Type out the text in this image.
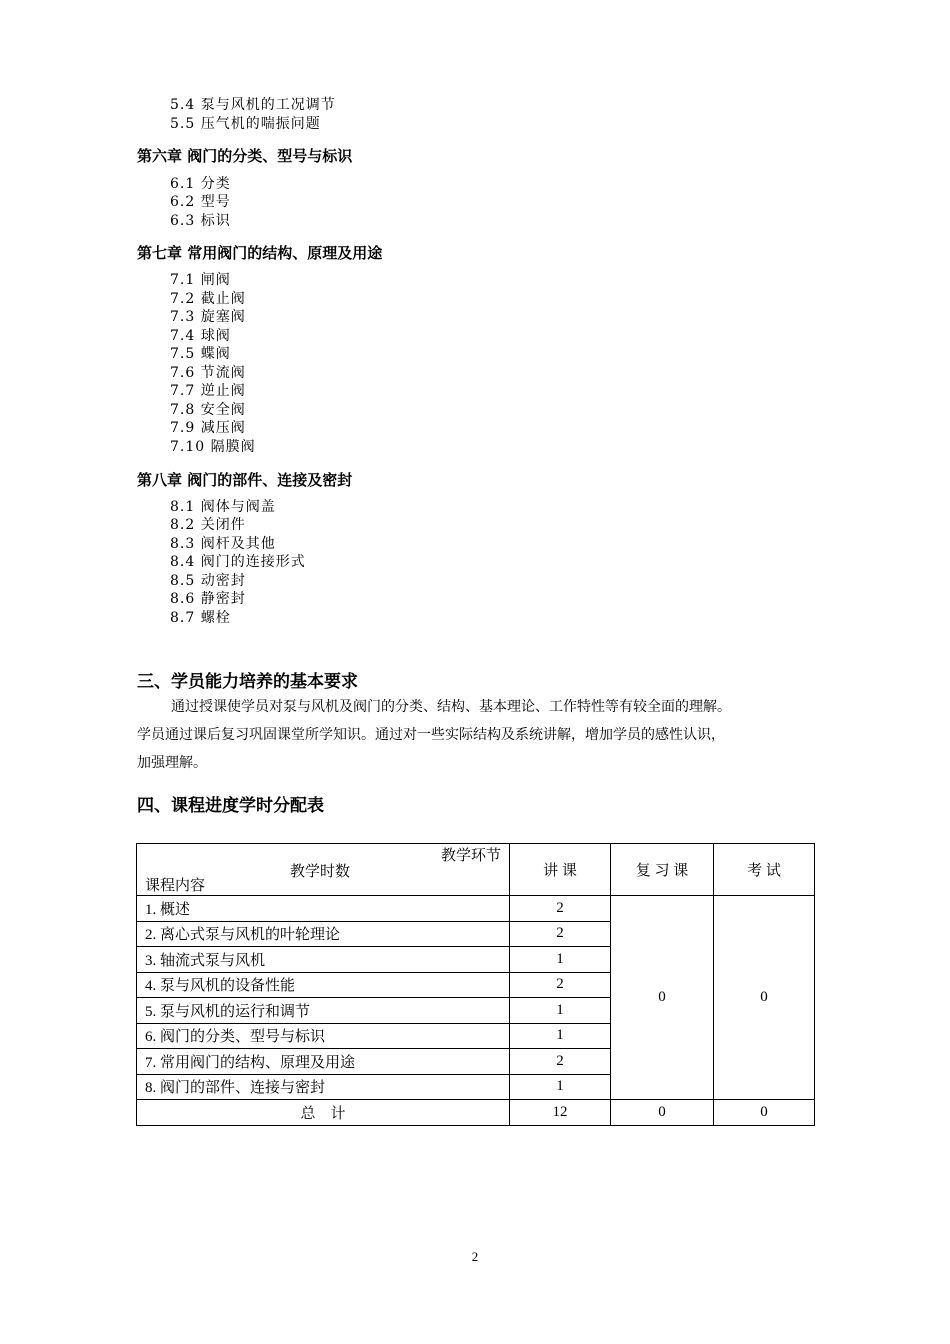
5.4 泵与风机的工况调节
5.5 压气机的喘振问题
第六章 阀门的分类、型号与标识
6.1 分类
6.2 型号
6.3 标识
第七章 常用阀门的结构、原理及用途
7.1 闸阀
7.2 截止阀
7.3 旋塞阀
7.4 球阀
7.5 蝶阀
7.6 节流阀
7.7 逆止阀
7.8 安全阀
7.9 减压阀
7.10 隔膜阀
第八章 阀门的部件、连接及密封
8.1 阀体与阀盖
8.2 关闭件
8.3 阀杆及其他
8.4 阀门的连接形式
8.5 动密封
8.6 静密封
8.7 螺栓
三、学员能力培养的基本要求
通过授课使学员对泵与风机及阀门的分类、结构、基本理论、工作特性等有较全面的理解。
学员通过课后复习巩固课堂所学知识。通过对一些实际结构及系统讲解，增加学员的感性认识，
加强理解。
四、课程进度学时分配表
教学环节
教学时数
课程内容	讲 课	复 习 课	考 试
1. 概述	2	0	0
2. 离心式泵与风机的叶轮理论	2		
3. 轴流式泵与风机	1		
4. 泵与风机的设备性能	2		
5. 泵与风机的运行和调节	1		
6. 阀门的分类、型号与标识	1		
7. 常用阀门的结构、原理及用途	2		
8. 阀门的部件、连接与密封	1		
总　计	12	0	0
2
